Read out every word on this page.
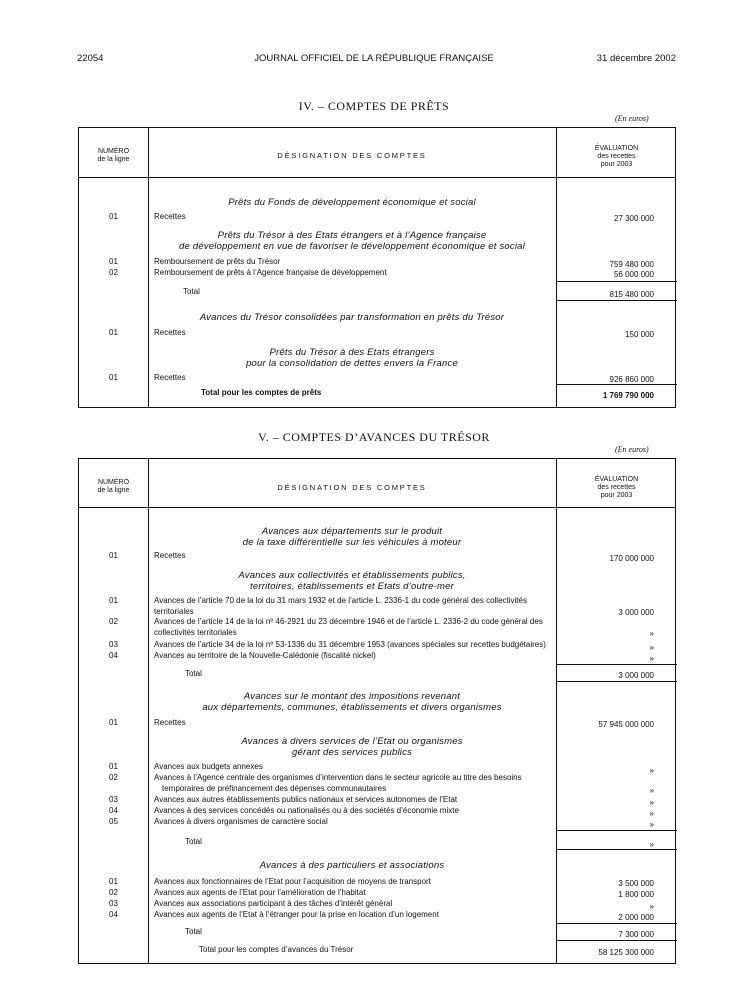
22054	JOURNAL OFFICIEL DE LA RÉPUBLIQUE FRANÇAISE	31 décembre 2002
IV. – COMPTES DE PRÊTS
(En euros)
NUMÉRO
de la ligne	DÉSIGNATION DES COMPTES
ÉVALUATION
des recettes
pour 2003
Prêts du Fonds de développement économique et social
01	Recettes	27 300 000
Prêts du Trésor à des Etats étrangers et à l’Agence française
de développement en vue de favoriser le développement économique et social
01	Remboursement de prêts du Trésor	759 480 000
02	Remboursement de prêts à l’Agence française de développement	56 000 000
Total	815 480 000
Avances du Trésor consolidées par transformation en prêts du Trésor
01	Recettes	150 000
Prêts du Trésor à des Etats étrangers
pour la consolidation de dettes envers la France
01	Recettes	926 860 000
Total pour les comptes de prêts	1 769 790 000
V. – COMPTES D’AVANCES DU TRÉSOR
(En euros)
NUMÉRO
de la ligne	DÉSIGNATION DES COMPTES
ÉVALUATION
des recettes
pour 2003
Avances aux départements sur le produit
de la taxe différentielle sur les véhicules à moteur
01	Recettes	170 000 000
Avances aux collectivités et établissements publics,
territoires, établissements et Etats d’outre-mer
01	Avances de l’article 70 de la loi du 31 mars 1932 et de l’article L. 2336-1 du code général des collectivités
territoriales	3 000 000
02	Avances de l’article 14 de la loi nº 46-2921 du 23 décembre 1946 et de l’article L. 2336-2 du code général des
collectivités territoriales	»
03	Avances de l’article 34 de la loi nº 53-1336 du 31 décembre 1953 (avances spéciales sur recettes budgétaires)	»
04	Avances au territoire de la Nouvelle-Calédonie (fiscalité nickel)	»
Total	3 000 000
Avances sur le montant des impositions revenant
aux départements, communes, établissements et divers organismes
01	Recettes	57 945 000 000
Avances à divers services de l’Etat ou organismes
gérant des services publics
01	Avances aux budgets annexes	»
02	Avances à l’Agence centrale des organismes d’intervention dans le secteur agricole au titre des besoins
temporaires de préfinancement des dépenses communautaires	»
03	Avances aux autres établissements publics nationaux et services autonomes de l’Etat	»
04	Avances à des services concédés ou nationalisés ou à des sociétés d’économie mixte	»
05	Avances à divers organismes de caractère social	»
Total	»
Avances à des particuliers et associations
01	Avances aux fonctionnaires de l’Etat pour l’acquisition de moyens de transport	3 500 000
02	Avances aux agents de l’Etat pour l’amélioration de l’habitat	1 800 000
03	Avances aux associations participant à des tâches d’intérêt général	»
04	Avances aux agents de l’Etat à l’étranger pour la prise en location d’un logement	2 000 000
Total	7 300 000
Total pour les comptes d’avances du Trésor	58 125 300 000
